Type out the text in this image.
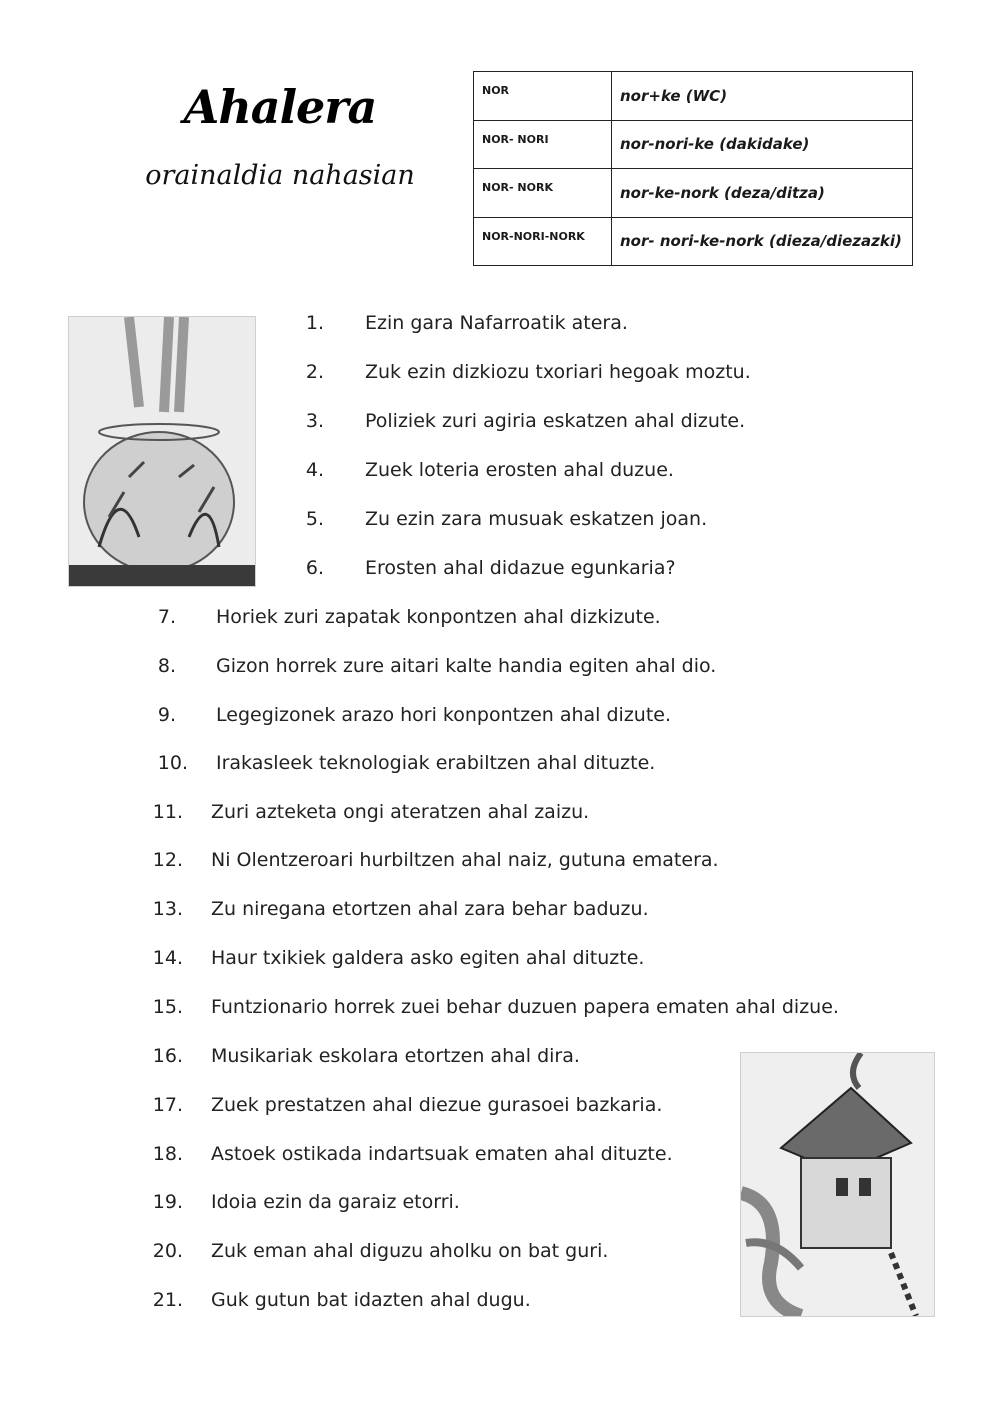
Ahalera
orainaldia nahasian
NOR	nor+ke (WC)
NOR- NORI	nor-nori-ke (dakidake)
NOR- NORK	nor-ke-nork (deza/ditza)
NOR-NORI-NORK	nor- nori-ke-nork (dieza/diezazki)
1. Ezin gara Nafarroatik atera.
2. Zuk ezin dizkiozu txoriari hegoak moztu.
3. Poliziek zuri agiria eskatzen ahal dizute.
4. Zuek loteria erosten ahal duzue.
5. Zu ezin zara musuak eskatzen joan.
6. Erosten ahal didazue egunkaria?
7. Horiek zuri zapatak konpontzen ahal dizkizute.
8. Gizon horrek zure aitari kalte handia egiten ahal dio.
9. Legegizonek arazo hori konpontzen ahal dizute.
10. Irakasleek teknologiak erabiltzen ahal dituzte.
11. Zuri azteketa ongi ateratzen ahal zaizu.
12. Ni Olentzeroari hurbiltzen ahal naiz, gutuna ematera.
13. Zu niregana etortzen ahal zara behar baduzu.
14. Haur txikiek galdera asko egiten ahal dituzte.
15. Funtzionario horrek zuei behar duzuen papera ematen ahal dizue.
16. Musikariak eskolara etortzen ahal dira.
17. Zuek prestatzen ahal diezue gurasoei bazkaria.
18. Astoek ostikada indartsuak ematen ahal dituzte.
19. Idoia ezin da garaiz etorri.
20. Zuk eman ahal diguzu aholku on bat guri.
21. Guk gutun bat idazten ahal dugu.
